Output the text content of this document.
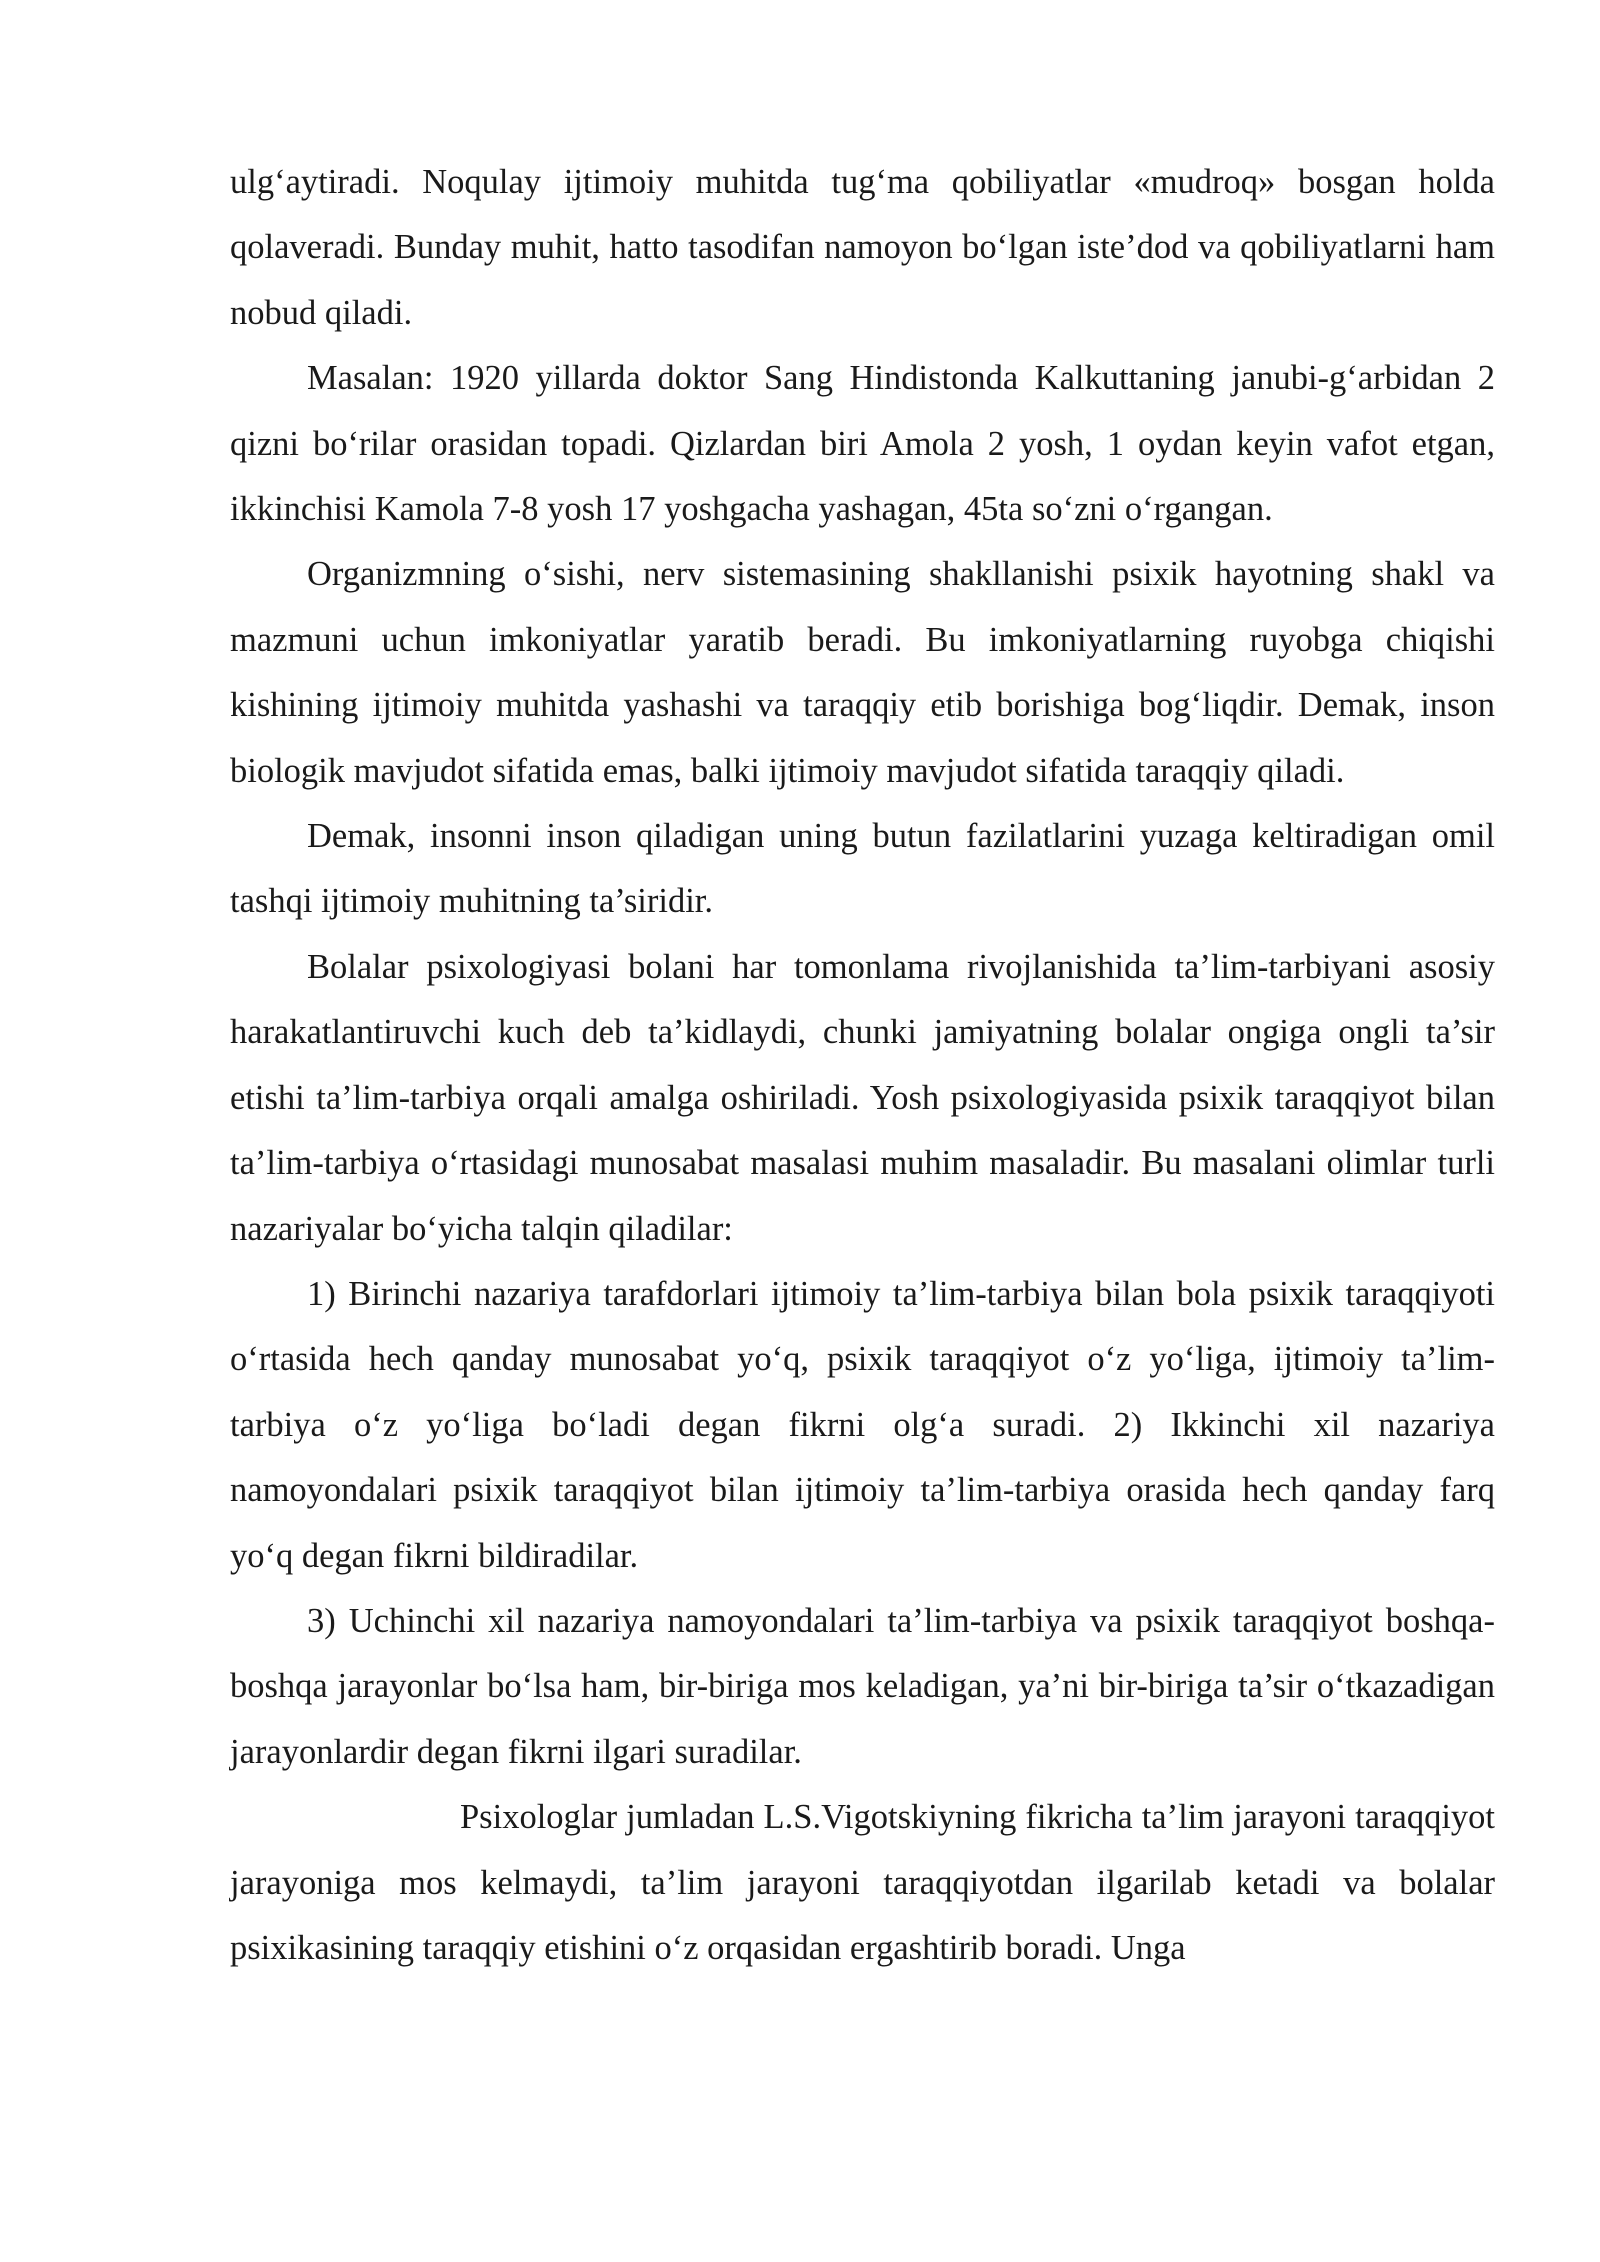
ulg‘aytiradi. Noqulay ijtimoiy muhitda tug‘ma qobiliyatlar «mudroq» bosgan holda qolaveradi. Bunday muhit, hatto tasodifan namoyon bo‘lgan iste’dod va qobiliyatlarni ham nobud qiladi.

Masalan: 1920 yillarda doktor Sang Hindistonda Kalkuttaning janubi-g‘arbidan 2 qizni bo‘rilar orasidan topadi. Qizlardan biri Amola 2 yosh, 1 oydan keyin vafot etgan, ikkinchisi Kamola 7-8 yosh 17 yoshgacha yashagan, 45ta so‘zni o‘rgangan.

Organizmning o‘sishi, nerv sistemasining shakllanishi psixik hayotning shakl va mazmuni uchun imkoniyatlar yaratib beradi. Bu imkoniyatlarning ruyobga chiqishi kishining ijtimoiy muhitda yashashi va taraqqiy etib borishiga bog‘liqdir. Demak, inson biologik mavjudot sifatida emas, balki ijtimoiy mavjudot sifatida taraqqiy qiladi.

Demak, insonni inson qiladigan uning butun fazilatlarini yuzaga keltiradigan omil tashqi ijtimoiy muhitning ta’siridir.

Bolalar psixologiyasi bolani har tomonlama rivojlanishida ta’lim-tarbiyani asosiy harakatlantiruvchi kuch deb ta’kidlaydi, chunki jamiyatning bolalar ongiga ongli ta’sir etishi ta’lim-tarbiya orqali amalga oshiriladi. Yosh psixologiyasida psixik taraqqiyot bilan ta’lim-tarbiya o‘rtasidagi munosabat masalasi muhim masaladir. Bu masalani olimlar turli nazariyalar bo‘yicha talqin qiladilar:

1) Birinchi nazariya tarafdorlari ijtimoiy ta’lim-tarbiya bilan bola psixik taraqqiyoti o‘rtasida hech qanday munosabat yo‘q, psixik taraqqiyot o‘z yo‘liga, ijtimoiy ta’lim-tarbiya o‘z yo‘liga bo‘ladi degan fikrni olg‘a suradi. 2) Ikkinchi xil nazariya namoyondalari psixik taraqqiyot bilan ijtimoiy ta’lim-tarbiya orasida hech qanday farq yo‘q degan fikrni bildiradilar.

3) Uchinchi xil nazariya namoyondalari ta’lim-tarbiya va psixik taraqqiyot boshqa-boshqa jarayonlar bo‘lsa ham, bir-biriga mos keladigan, ya’ni bir-biriga ta’sir o‘tkazadigan jarayonlardir degan fikrni ilgari suradilar.

Psixologlar jumladan L.S.Vigotskiyning fikricha ta’lim jarayoni taraqqiyot jarayoniga mos kelmaydi, ta’lim jarayoni taraqqiyotdan ilgarilab ketadi va bolalar psixikasining taraqqiy etishini o‘z orqasidan ergashtirib boradi. Unga
